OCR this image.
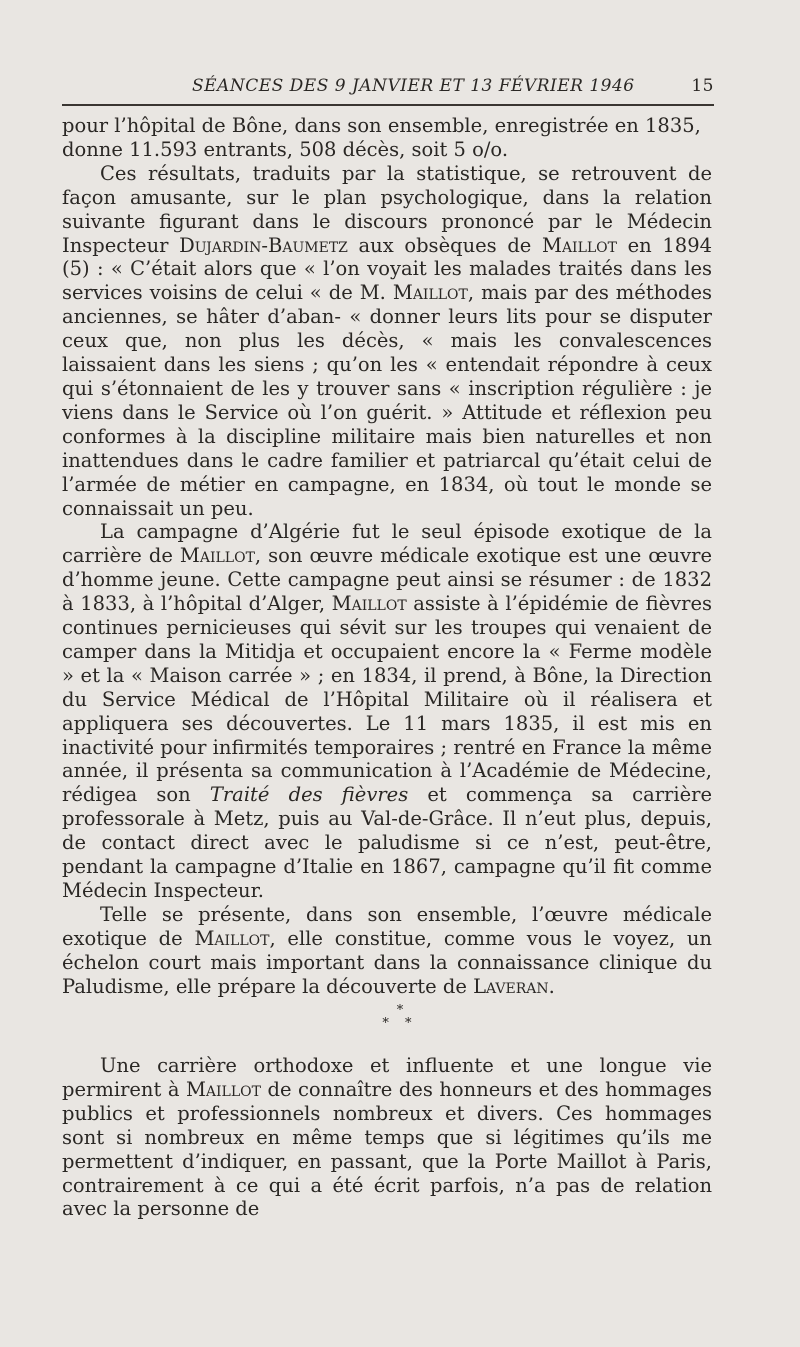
SÉANCES DES 9 JANVIER ET 13 FÉVRIER 1946	15

pour l’hôpital de Bône, dans son ensemble, enregistrée en 1835,
donne 11.593 entrants, 508 décès, soit 5 o/o.

Ces résultats, traduits par la statistique, se retrouvent de façon amusante, sur le plan psychologique, dans la relation suivante figurant dans le discours prononcé par le Médecin Inspecteur Dujardin-Baumetz aux obsèques de Maillot en 1894 (5) : « C’était alors que « l’on voyait les malades traités dans les services voisins de celui « de M. Maillot, mais par des méthodes anciennes, se hâter d’aban- « donner leurs lits pour se disputer ceux que, non plus les décès, « mais les convalescences laissaient dans les siens ; qu’on les « entendait répondre à ceux qui s’étonnaient de les y trouver sans « inscription régulière : je viens dans le Service où l’on guérit. » Attitude et réflexion peu conformes à la discipline militaire mais bien naturelles et non inattendues dans le cadre familier et patriarcal qu’était celui de l’armée de métier en campagne, en 1834, où tout le monde se connaissait un peu.

La campagne d’Algérie fut le seul épisode exotique de la carrière de Maillot, son œuvre médicale exotique est une œuvre d’homme jeune. Cette campagne peut ainsi se résumer : de 1832 à 1833, à l’hôpital d’Alger, Maillot assiste à l’épidémie de fièvres continues pernicieuses qui sévit sur les troupes qui venaient de camper dans la Mitidja et occupaient encore la « Ferme modèle » et la « Maison carrée » ; en 1834, il prend, à Bône, la Direction du Service Médical de l’Hôpital Militaire où il réalisera et appliquera ses découvertes. Le 11 mars 1835, il est mis en inactivité pour infirmités temporaires ; rentré en France la même année, il présenta sa communication à l’Académie de Médecine, rédigea son Traité des fièvres et commença sa carrière professorale à Metz, puis au Val-de-Grâce. Il n’eut plus, depuis, de contact direct avec le paludisme si ce n’est, peut-être, pendant la campagne d’Italie en 1867, campagne qu’il fit comme Médecin Inspecteur.

Telle se présente, dans son ensemble, l’œuvre médicale exotique de Maillot, elle constitue, comme vous le voyez, un échelon court mais important dans la connaissance clinique du Paludisme, elle prépare la découverte de Laveran.

*
* *

Une carrière orthodoxe et influente et une longue vie permirent à Maillot de connaître des honneurs et des hommages publics et professionnels nombreux et divers. Ces hommages sont si nombreux en même temps que si légitimes qu’ils me permettent d’indiquer, en passant, que la Porte Maillot à Paris, contrairement à ce qui a été écrit parfois, n’a pas de relation avec la personne de
